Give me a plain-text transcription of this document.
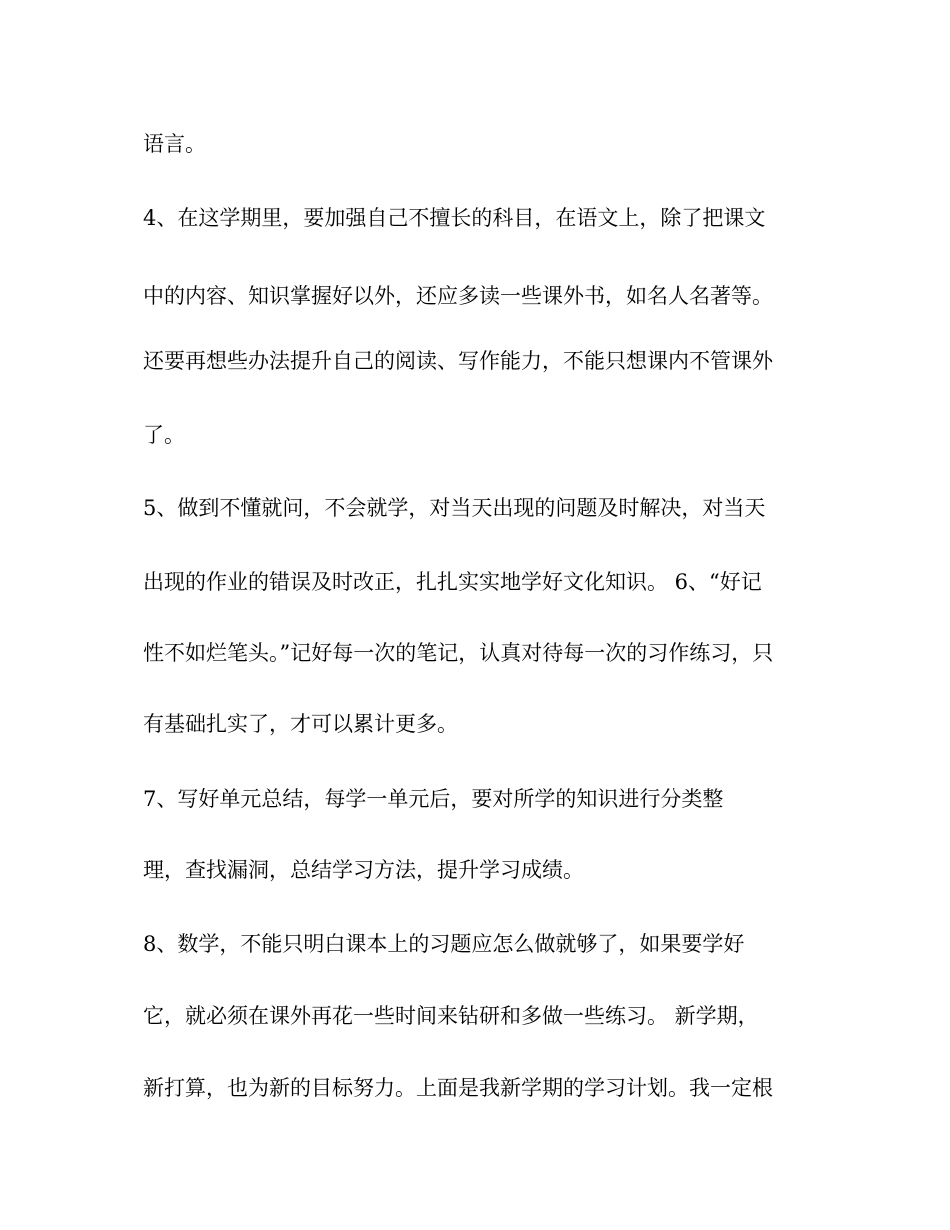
语言。
4、在这学期里，要加强自己不擅长的科目，在语文上，除了把课文
中的内容、知识掌握好以外，还应多读一些课外书，如名人名著等。
还要再想些办法提升自己的阅读、写作能力，不能只想课内不管课外
了。
5、做到不懂就问，不会就学，对当天出现的问题及时解决，对当天
出现的作业的错误及时改正，扎扎实实地学好文化知识。 6、“好记
性不如烂笔头。”记好每一次的笔记，认真对待每一次的习作练习，只
有基础扎实了，才可以累计更多。
7、写好单元总结，每学一单元后，要对所学的知识进行分类整
理，查找漏洞，总结学习方法，提升学习成绩。
8、数学，不能只明白课本上的习题应怎么做就够了，如果要学好
它，就必须在课外再花一些时间来钻研和多做一些练习。 新学期，
新打算，也为新的目标努力。上面是我新学期的学习计划。我一定根
